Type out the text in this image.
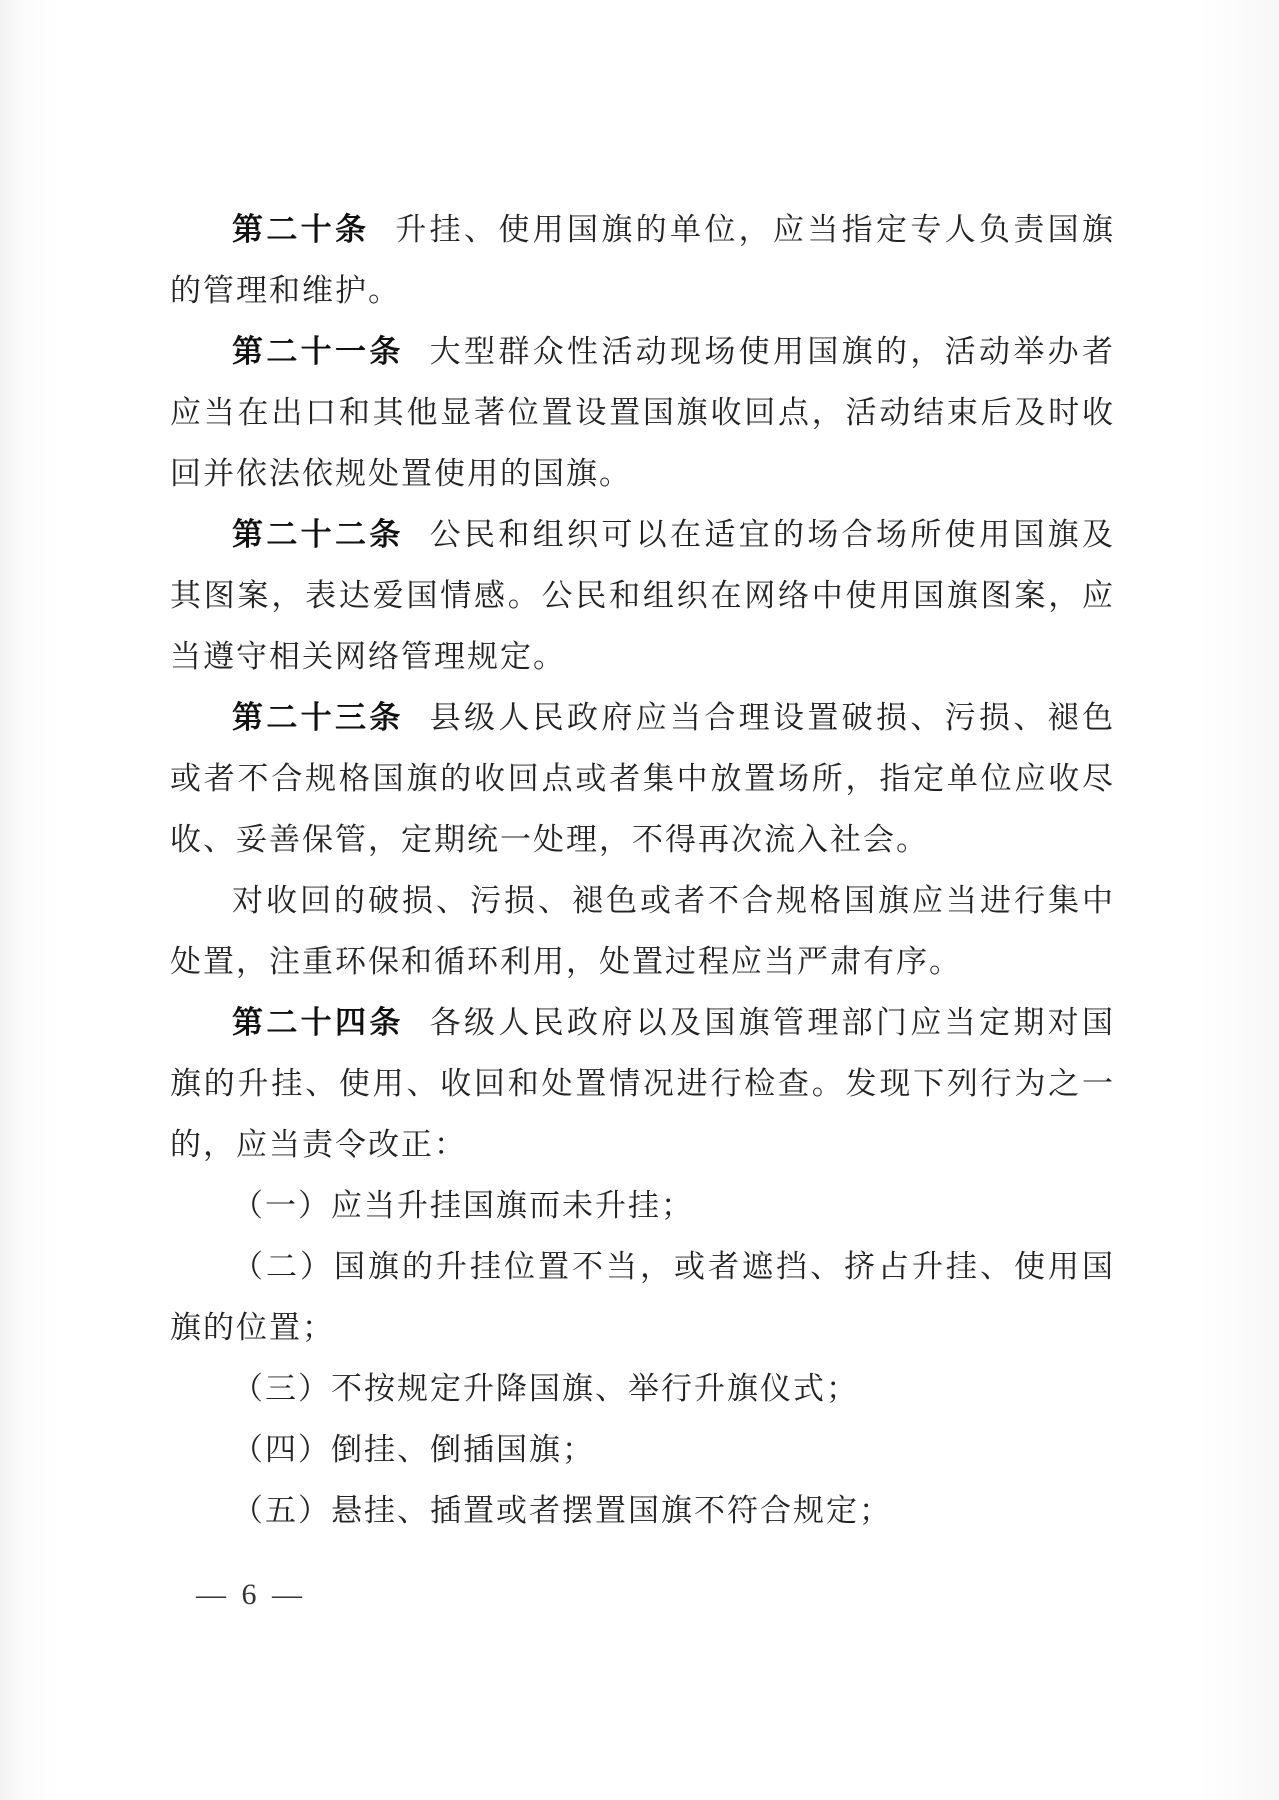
第二十条 升挂、使用国旗的单位，应当指定专人负责国旗的管理和维护。

第二十一条 大型群众性活动现场使用国旗的，活动举办者应当在出口和其他显著位置设置国旗收回点，活动结束后及时收回并依法依规处置使用的国旗。

第二十二条 公民和组织可以在适宜的场合场所使用国旗及其图案，表达爱国情感。公民和组织在网络中使用国旗图案，应当遵守相关网络管理规定。

第二十三条 县级人民政府应当合理设置破损、污损、褪色或者不合规格国旗的收回点或者集中放置场所，指定单位应收尽收、妥善保管，定期统一处理，不得再次流入社会。

对收回的破损、污损、褪色或者不合规格国旗应当进行集中处置，注重环保和循环利用，处置过程应当严肃有序。

第二十四条 各级人民政府以及国旗管理部门应当定期对国旗的升挂、使用、收回和处置情况进行检查。发现下列行为之一的，应当责令改正：

（一）应当升挂国旗而未升挂；

（二）国旗的升挂位置不当，或者遮挡、挤占升挂、使用国旗的位置；

（三）不按规定升降国旗、举行升旗仪式；

（四）倒挂、倒插国旗；

（五）悬挂、插置或者摆置国旗不符合规定；

— 6 —
